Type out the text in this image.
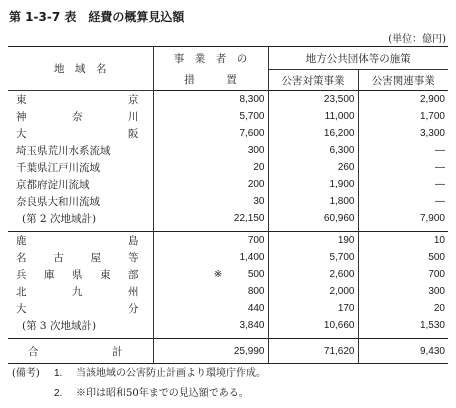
第 1-3-7 表　経費の概算見込額
(単位：億円)
地　域　名	事　業　者　の	地方公共団体等の施策	
	措　　　置	公害対策事業	公害関連事業
東京	8,300	23,500	2,900
神奈川	5,700	11,000	1,700
大阪	7,600	16,200	3,300
埼玉県荒川水系流域	300	6,300	—
千葉県江戸川流域	20	260	—
京都府淀川流域	200	1,900	—
奈良県大和川流域	30	1,800	—
(第 2 次地域計)	22,150	60,960	7,900
鹿島	700	190	10
名古屋等	1,400	5,700	500
兵庫県東部	※ 500	2,600	700
北九州	800	2,000	300
大分	440	170	20
(第 3 次地域計)	3,840	10,660	1,530
合　計	25,990	71,620	9,430
(備考) 1. 当該地域の公害防止計画より環境庁作成。
2. ※印は昭和50年までの見込額である。
